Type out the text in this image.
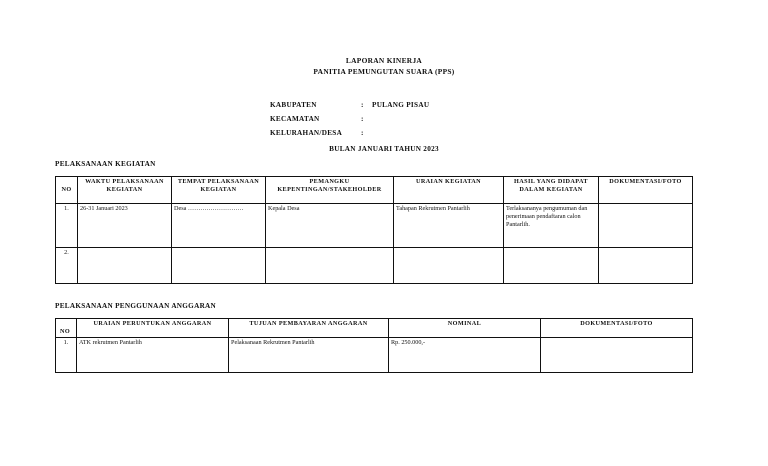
LAPORAN KINERJA
PANITIA PEMUNGUTAN SUARA (PPS)
KABUPATEN	: PULANG PISAU
KECAMATAN	:
KELURAHAN/DESA	:
BULAN JANUARI TAHUN 2023
PELAKSANAAN KEGIATAN
NO	WAKTU PELAKSANAAN KEGIATAN	TEMPAT PELAKSANAAN KEGIATAN	PEMANGKU KEPENTINGAN/STAKEHOLDER	URAIAN KEGIATAN	HASIL YANG DIDAPAT DALAM KEGIATAN	DOKUMENTASI/FOTO
1.	26-31 Januari 2023	Desa ………………………	Kepala Desa	Tahapan Rekrutmen Pantarlih	Terlaksananya pengumuman dan penerimaan pendaftaran calon Pantarlih.	
2.						
PELAKSANAAN PENGGUNAAN ANGGARAN
NO	URAIAN PERUNTUKAN ANGGARAN	TUJUAN PEMBAYARAN ANGGARAN	NOMINAL	DOKUMENTASI/FOTO
1.	ATK rekrutmen Pantarlih	Pelaksanaan Rekrutmen Pantarlih	Rp. 250.000,-	
